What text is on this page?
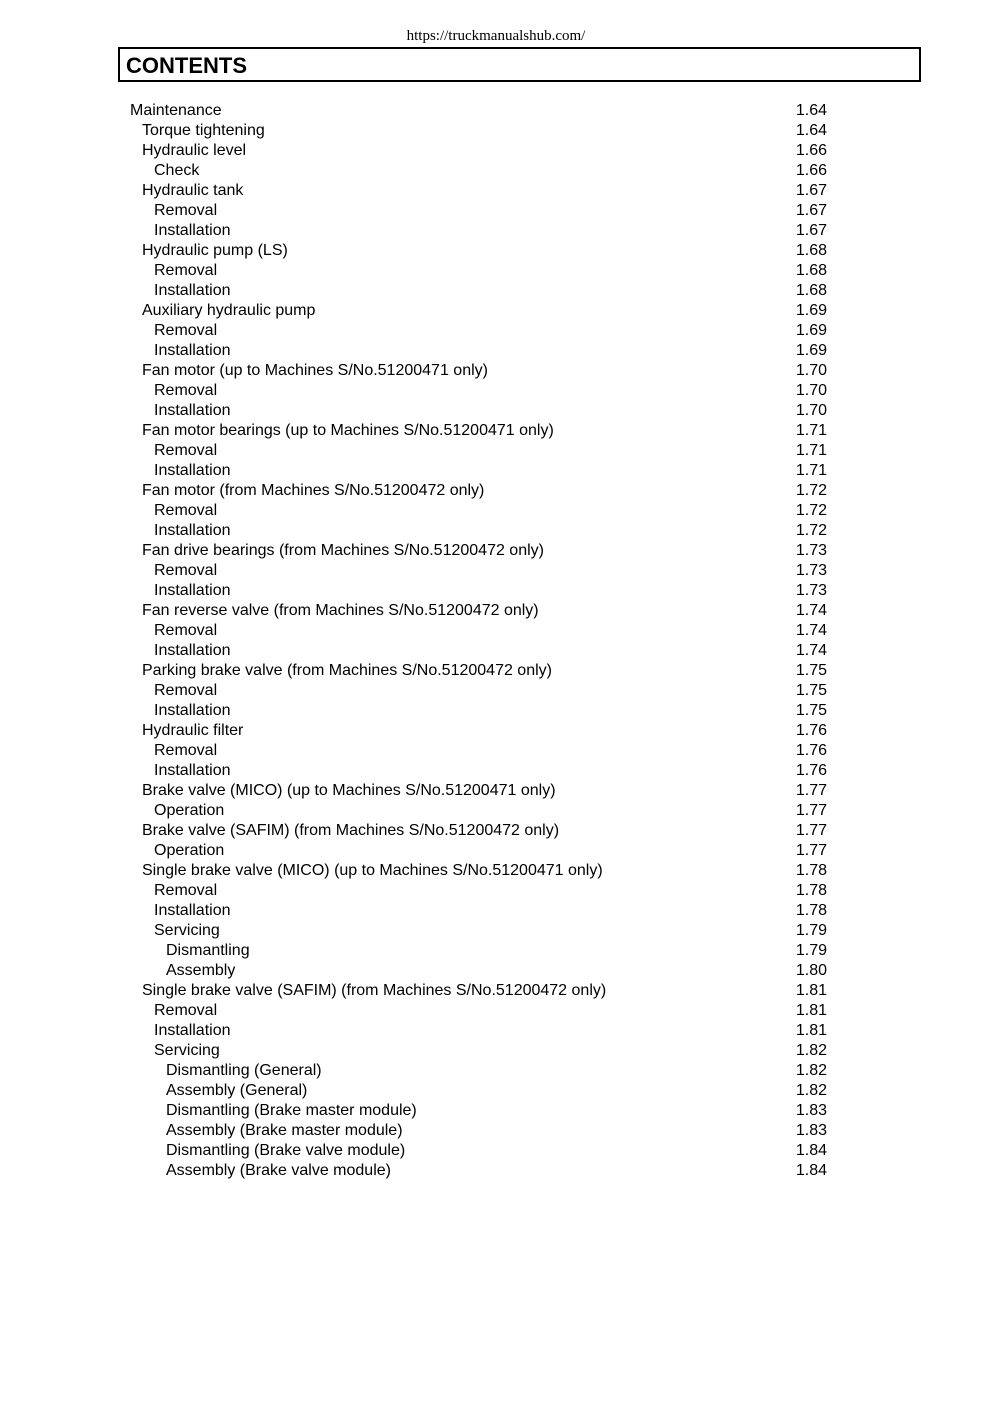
https://truckmanualshub.com/
CONTENTS
Maintenance	1.64
Torque tightening	1.64
Hydraulic level	1.66
Check	1.66
Hydraulic tank	1.67
Removal	1.67
Installation	1.67
Hydraulic pump (LS)	1.68
Removal	1.68
Installation	1.68
Auxiliary hydraulic pump	1.69
Removal	1.69
Installation	1.69
Fan motor (up to Machines S/No.51200471 only)	1.70
Removal	1.70
Installation	1.70
Fan motor bearings (up to Machines S/No.51200471 only)	1.71
Removal	1.71
Installation	1.71
Fan motor (from Machines S/No.51200472 only)	1.72
Removal	1.72
Installation	1.72
Fan drive bearings (from Machines S/No.51200472 only)	1.73
Removal	1.73
Installation	1.73
Fan reverse valve (from Machines S/No.51200472 only)	1.74
Removal	1.74
Installation	1.74
Parking brake valve (from Machines S/No.51200472 only)	1.75
Removal	1.75
Installation	1.75
Hydraulic filter	1.76
Removal	1.76
Installation	1.76
Brake valve (MICO) (up to Machines S/No.51200471 only)	1.77
Operation	1.77
Brake valve (SAFIM) (from Machines S/No.51200472 only)	1.77
Operation	1.77
Single brake valve (MICO) (up to Machines S/No.51200471 only)	1.78
Removal	1.78
Installation	1.78
Servicing	1.79
Dismantling	1.79
Assembly	1.80
Single brake valve (SAFIM) (from Machines S/No.51200472 only)	1.81
Removal	1.81
Installation	1.81
Servicing	1.82
Dismantling (General)	1.82
Assembly (General)	1.82
Dismantling (Brake master module)	1.83
Assembly (Brake master module)	1.83
Dismantling (Brake valve module)	1.84
Assembly (Brake valve module)	1.84
